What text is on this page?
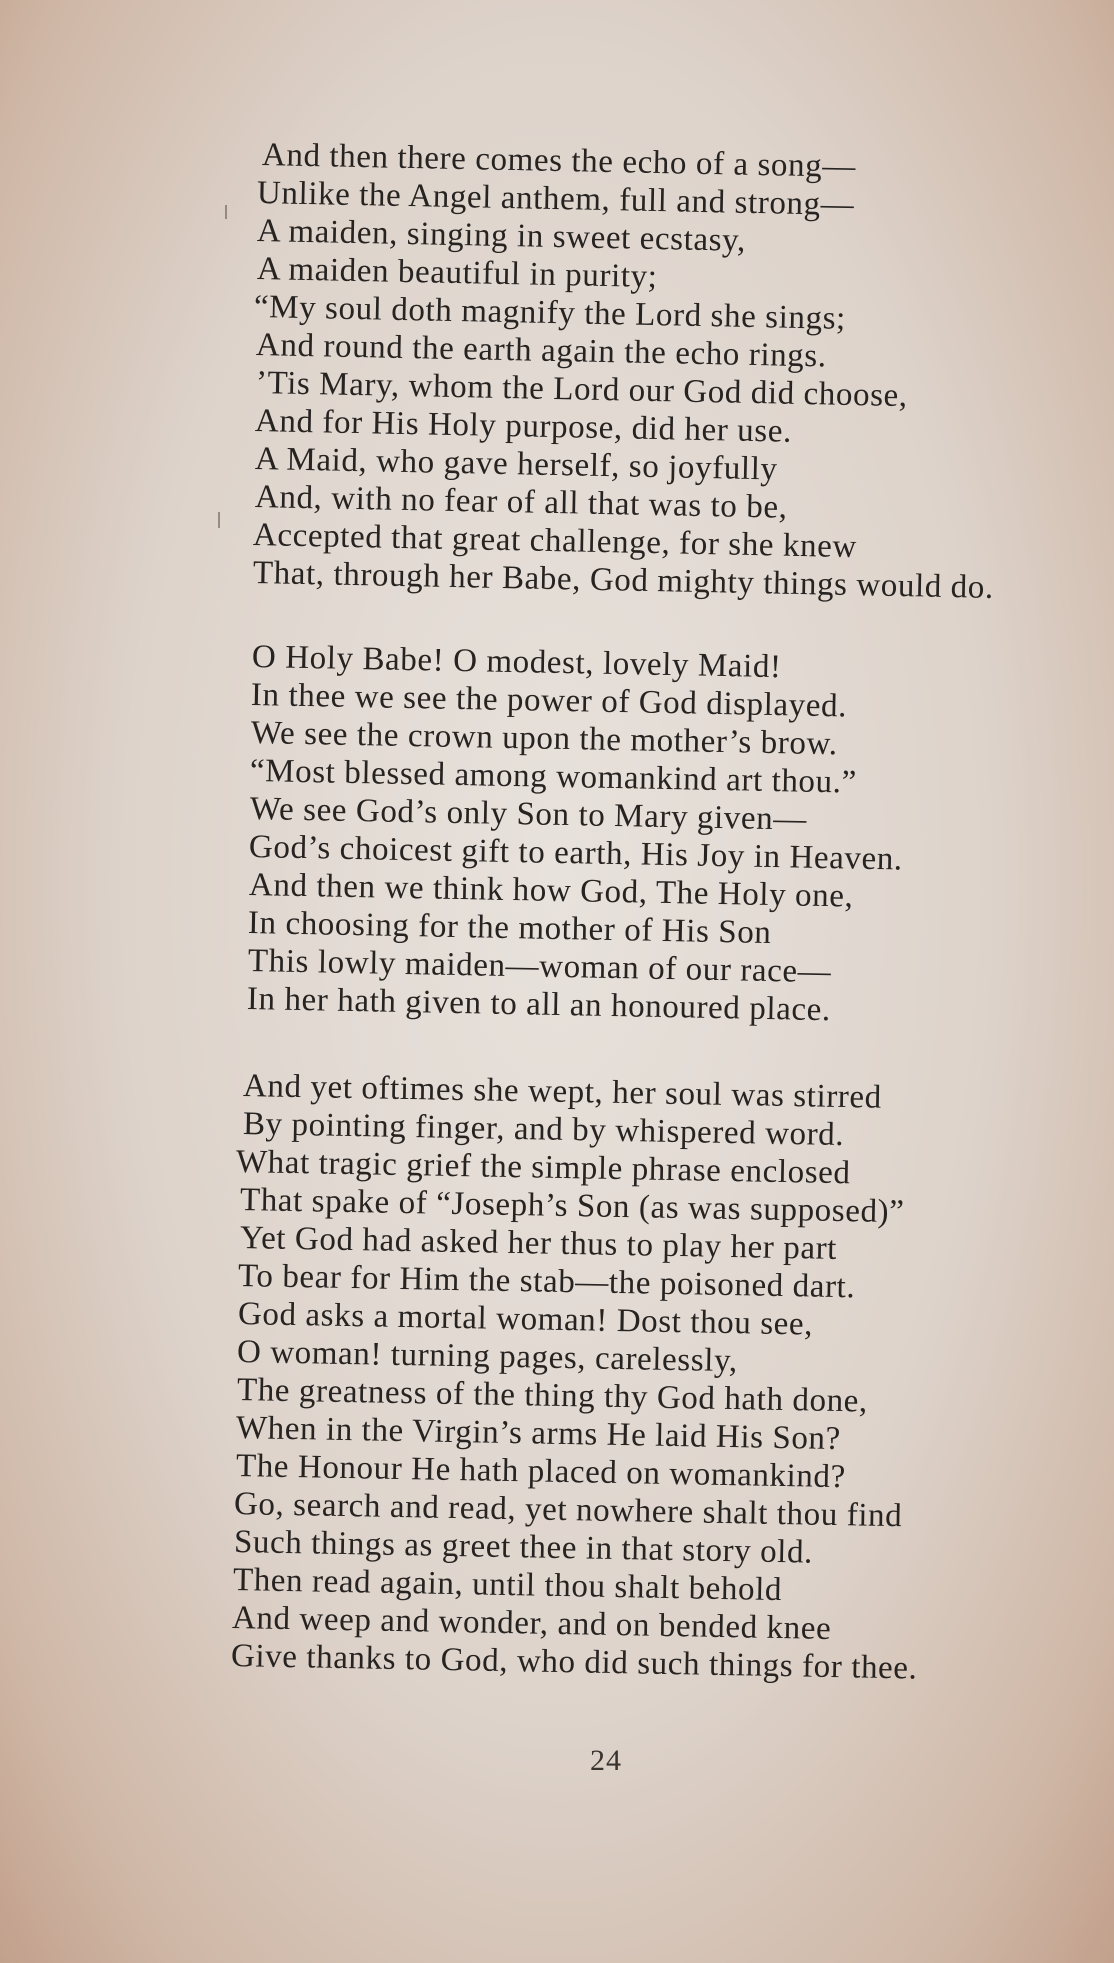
And then there comes the echo of a song—
Unlike the Angel anthem, full and strong—
A maiden, singing in sweet ecstasy,
A maiden beautiful in purity;
“My soul doth magnify the Lord she sings;
And round the earth again the echo rings.
’Tis Mary, whom the Lord our God did choose,
And for His Holy purpose, did her use.
A Maid, who gave herself, so joyfully
And, with no fear of all that was to be,
Accepted that great challenge, for she knew
That, through her Babe, God mighty things would do.
O Holy Babe! O modest, lovely Maid!
In thee we see the power of God displayed.
We see the crown upon the mother’s brow.
“Most blessed among womankind art thou.”
We see God’s only Son to Mary given—
God’s choicest gift to earth, His Joy in Heaven.
And then we think how God, The Holy one,
In choosing for the mother of His Son
This lowly maiden—woman of our race—
In her hath given to all an honoured place.
And yet oftimes she wept, her soul was stirred
By pointing finger, and by whispered word.
What tragic grief the simple phrase enclosed
That spake of “Joseph’s Son (as was supposed)”
Yet God had asked her thus to play her part
To bear for Him the stab—the poisoned dart.
God asks a mortal woman! Dost thou see,
O woman! turning pages, carelessly,
The greatness of the thing thy God hath done,
When in the Virgin’s arms He laid His Son?
The Honour He hath placed on womankind?
Go, search and read, yet nowhere shalt thou find
Such things as greet thee in that story old.
Then read again, until thou shalt behold
And weep and wonder, and on bended knee
Give thanks to God, who did such things for thee.
24
